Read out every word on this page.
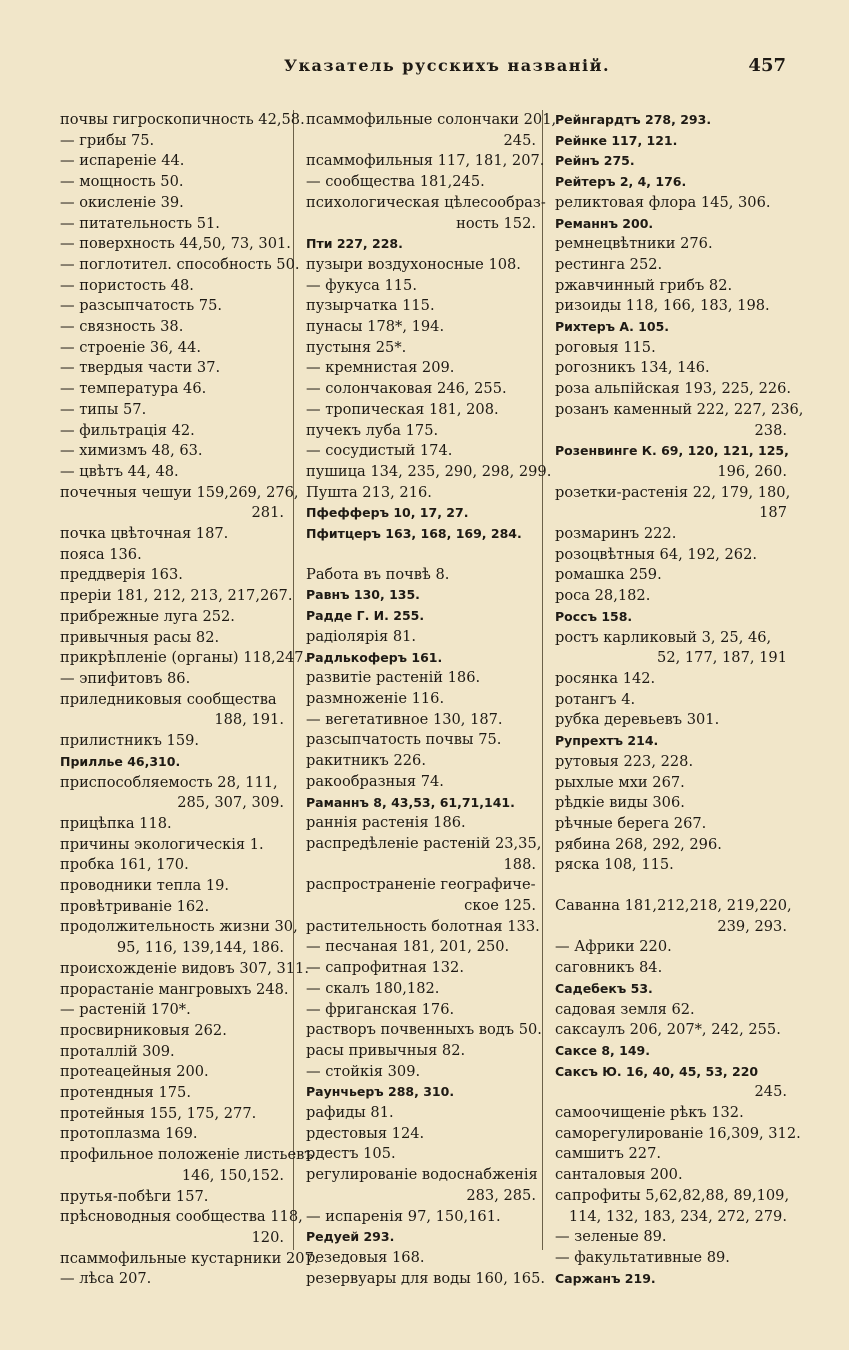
Указатель русскихъ названій.	457
почвы гигроскопичность 42,58.
— грибы 75.
— испареніе 44.
— мощность 50.
— окисленіе 39.
— питательность 51.
— поверхность 44,50, 73, 301.
— поглотител. способность 50.
— пористость 48.
— разсыпчатость 75.
— связность 38.
— строеніе 36, 44.
— твердыя части 37.
— температура 46.
— типы 57.
— фильтрація 42.
— химизмъ 48, 63.
— цвѣтъ 44, 48.
почечныя чешуи 159,269, 276,
281.
почка цвѣточная 187.
пояса 136.
преддверія 163.
преріи 181, 212, 213, 217,267.
прибрежные луга 252.
привычныя расы 82.
прикрѣпленіе (органы) 118,247.
— эпифитовъ 86.
приледниковыя сообщества
188, 191.
прилистникъ 159.
Приллье 46,310.
приспособляемость 28, 111,
285, 307, 309.
прицѣпка 118.
причины экологическія 1.
пробка 161, 170.
проводники тепла 19.
провѣтриваніе 162.
продолжительность жизни 30,
95, 116, 139,144, 186.
происхожденіе видовъ 307, 311.
прорастаніе мангровыхъ 248.
— растеній 170*.
просвирниковыя 262.
проталлій 309.
протеацейныя 200.
протендныя 175.
протейныя 155, 175, 277.
протоплазма 169.
профильное положеніе листьевъ
146, 150,152.
прутья-побѣги 157.
прѣсноводныя сообщества 118,
120.
псаммофильные кустарники 207.
— лѣса 207.
псаммофильные солончаки 201,
245.
псаммофильныя 117, 181, 207.
— сообщества 181,245.
психологическая цѣлесообраз-
ность 152.
Пти 227, 228.
пузыри воздухоносные 108.
— фукуса 115.
пузырчатка 115.
пунасы 178*, 194.
пустыня 25*.
— кремнистая 209.
— солончаковая 246, 255.
— тропическая 181, 208.
пучекъ луба 175.
— сосудистый 174.
пушица 134, 235, 290, 298, 299.
Пушта 213, 216.
Пфефферъ 10, 17, 27.
Пфитцеръ 163, 168, 169, 284.
Работа въ почвѣ 8.
Равнъ 130, 135.
Радде Г. И. 255.
радіолярія 81.
Радлькоферъ 161.
развитіе растеній 186.
размноженіе 116.
— вегетативное 130, 187.
разсыпчатость почвы 75.
ракитникъ 226.
ракообразныя 74.
Раманнъ 8, 43,53, 61,71,141.
раннія растенія 186.
распредѣленіе растеній 23,35,
188.
распространеніе географиче-
ское 125.
растительность болотная 133.
— песчаная 181, 201, 250.
— сапрофитная 132.
— скалъ 180,182.
— фриганская 176.
растворъ почвенныхъ водъ 50.
расы привычныя 82.
— стойкія 309.
Раунчьеръ 288, 310.
рафиды 81.
рдестовыя 124.
рдестъ 105.
регулированіе водоснабженія
283, 285.
— испаренія 97, 150,161.
Редуей 293.
резедовыя 168.
резервуары для воды 160, 165.
Рейнгардтъ 278, 293.
Рейнке 117, 121.
Рейнъ 275.
Рейтеръ 2, 4, 176.
реликтовая флора 145, 306.
Реманнъ 200.
ремнецвѣтники 276.
рестинга 252.
ржавчинный грибъ 82.
ризоиды 118, 166, 183, 198.
Рихтеръ А. 105.
роговыя 115.
рогозникъ 134, 146.
роза альпійская 193, 225, 226.
розанъ каменный 222, 227, 236,
238.
Розенвинге К. 69, 120, 121, 125,
196, 260.
розетки-растенія 22, 179, 180,
187
розмаринъ 222.
розоцвѣтныя 64, 192, 262.
ромашка 259.
роса 28,182.
Россъ 158.
ростъ карликовый 3, 25, 46,
52, 177, 187, 191
росянка 142.
ротангъ 4.
рубка деревьевъ 301.
Рупрехтъ 214.
рутовыя 223, 228.
рыхлые мхи 267.
рѣдкіе виды 306.
рѣчные берега 267.
рябина 268, 292, 296.
ряска 108, 115.
Саванна 181,212,218, 219,220,
239, 293.
— Африки 220.
саговникъ 84.
Садебекъ 53.
садовая земля 62.
саксаулъ 206, 207*, 242, 255.
Саксе 8, 149.
Саксъ Ю. 16, 40, 45, 53, 220
245.
самоочищеніе рѣкъ 132.
саморегулированіе 16,309, 312.
самшитъ 227.
санталовыя 200.
сапрофиты 5,62,82,88, 89,109,
114, 132, 183, 234, 272, 279.
— зеленые 89.
— факультативные 89.
Саржанъ 219.
